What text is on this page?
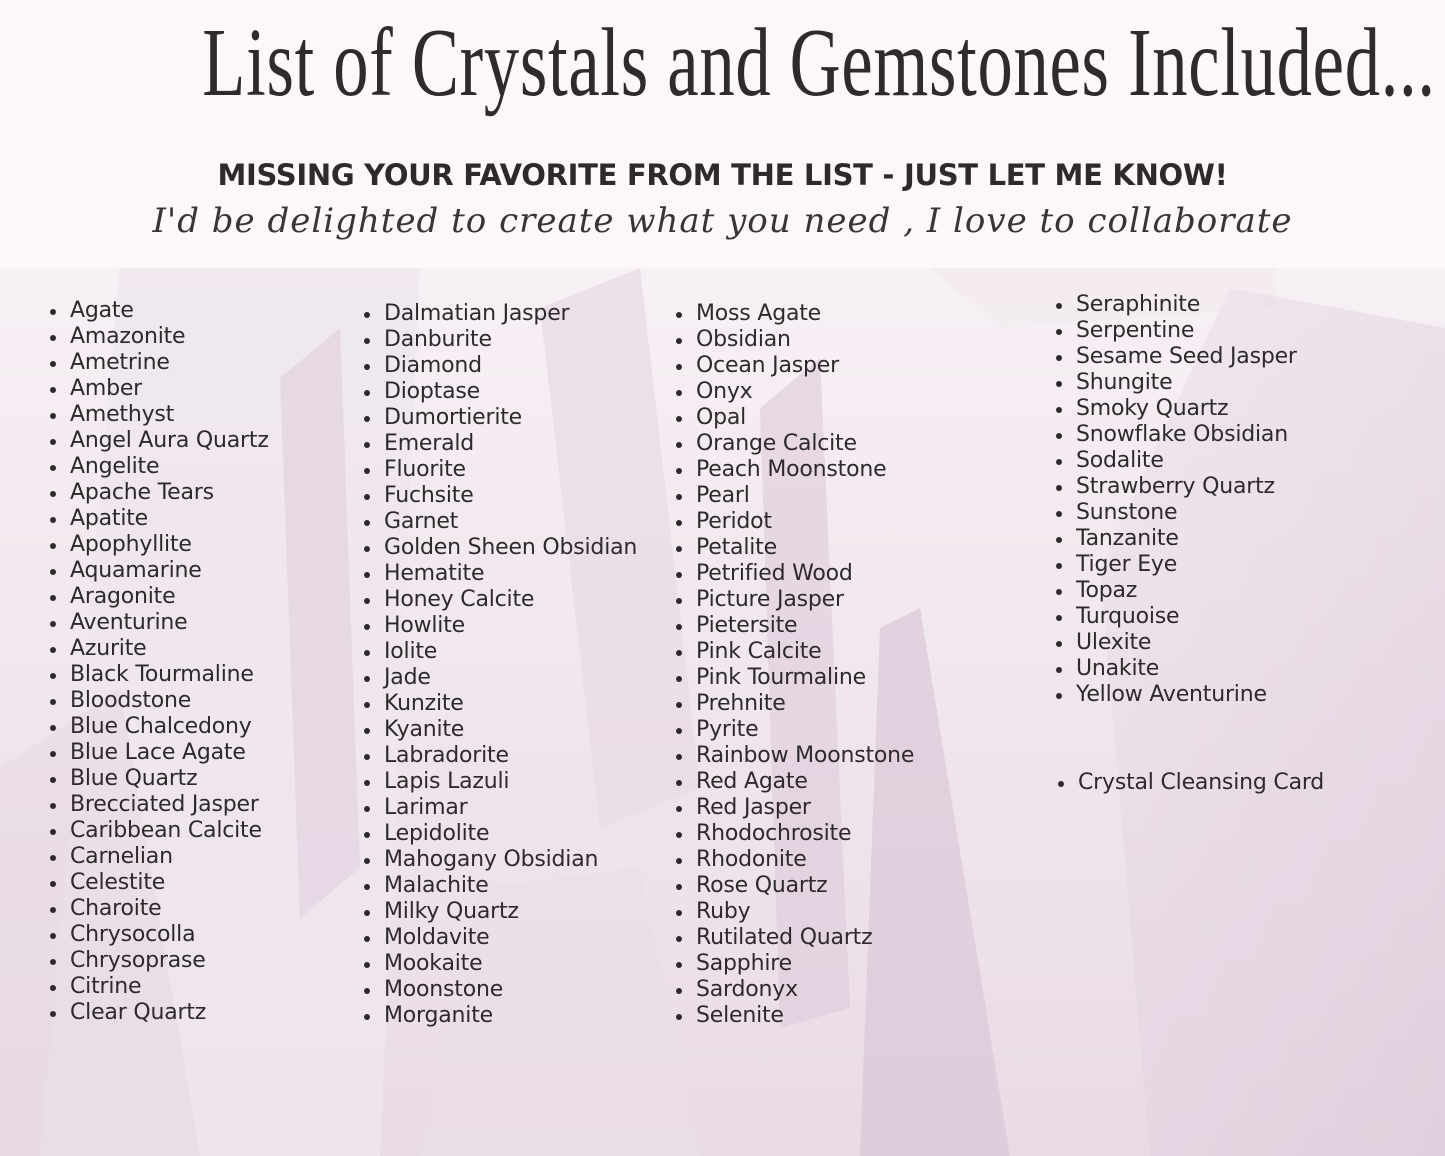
List of Crystals and Gemstones Included...
MISSING YOUR FAVORITE FROM THE LIST - JUST LET ME KNOW!
I'd be delighted to create what you need , I love to collaborate
Agate
Amazonite
Ametrine
Amber
Amethyst
Angel Aura Quartz
Angelite
Apache Tears
Apatite
Apophyllite
Aquamarine
Aragonite
Aventurine
Azurite
Black Tourmaline
Bloodstone
Blue Chalcedony
Blue Lace Agate
Blue Quartz
Brecciated Jasper
Caribbean Calcite
Carnelian
Celestite
Charoite
Chrysocolla
Chrysoprase
Citrine
Clear Quartz
Dalmatian Jasper
Danburite
Diamond
Dioptase
Dumortierite
Emerald
Fluorite
Fuchsite
Garnet
Golden Sheen Obsidian
Hematite
Honey Calcite
Howlite
Iolite
Jade
Kunzite
Kyanite
Labradorite
Lapis Lazuli
Larimar
Lepidolite
Mahogany Obsidian
Malachite
Milky Quartz
Moldavite
Mookaite
Moonstone
Morganite
Moss Agate
Obsidian
Ocean Jasper
Onyx
Opal
Orange Calcite
Peach Moonstone
Pearl
Peridot
Petalite
Petrified Wood
Picture Jasper
Pietersite
Pink Calcite
Pink Tourmaline
Prehnite
Pyrite
Rainbow Moonstone
Red Agate
Red Jasper
Rhodochrosite
Rhodonite
Rose Quartz
Ruby
Rutilated Quartz
Sapphire
Sardonyx
Selenite
Seraphinite
Serpentine
Sesame Seed Jasper
Shungite
Smoky Quartz
Snowflake Obsidian
Sodalite
Strawberry Quartz
Sunstone
Tanzanite
Tiger Eye
Topaz
Turquoise
Ulexite
Unakite
Yellow Aventurine
Crystal Cleansing Card
